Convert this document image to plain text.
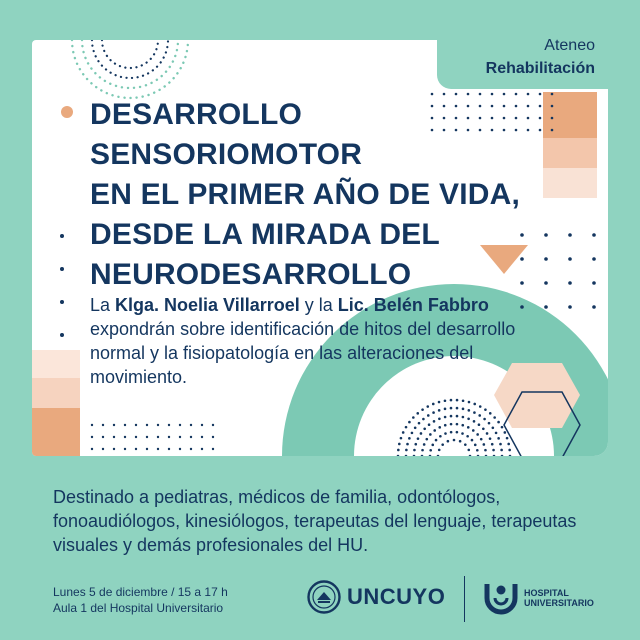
Ateneo
Rehabilitación
DESARROLLO
SENSORIOMOTOR
EN EL PRIMER AÑO DE VIDA,
DESDE LA MIRADA DEL
NEURODESARROLLO
La Klga. Noelia Villarroel y la Lic. Belén Fabbro expondrán sobre identificación de hitos del desarrollo normal y la fisiopatología en las alteraciones del movimiento.
Destinado a pediatras, médicos de familia, odontólogos, fonoaudiólogos, kinesiólogos, terapeutas del lenguaje, terapeutas visuales y demás profesionales del HU.
Lunes 5 de diciembre / 15 a 17 h
Aula 1 del Hospital Universitario	UNCUYO	HOSPITAL
UNIVERSITARIO
